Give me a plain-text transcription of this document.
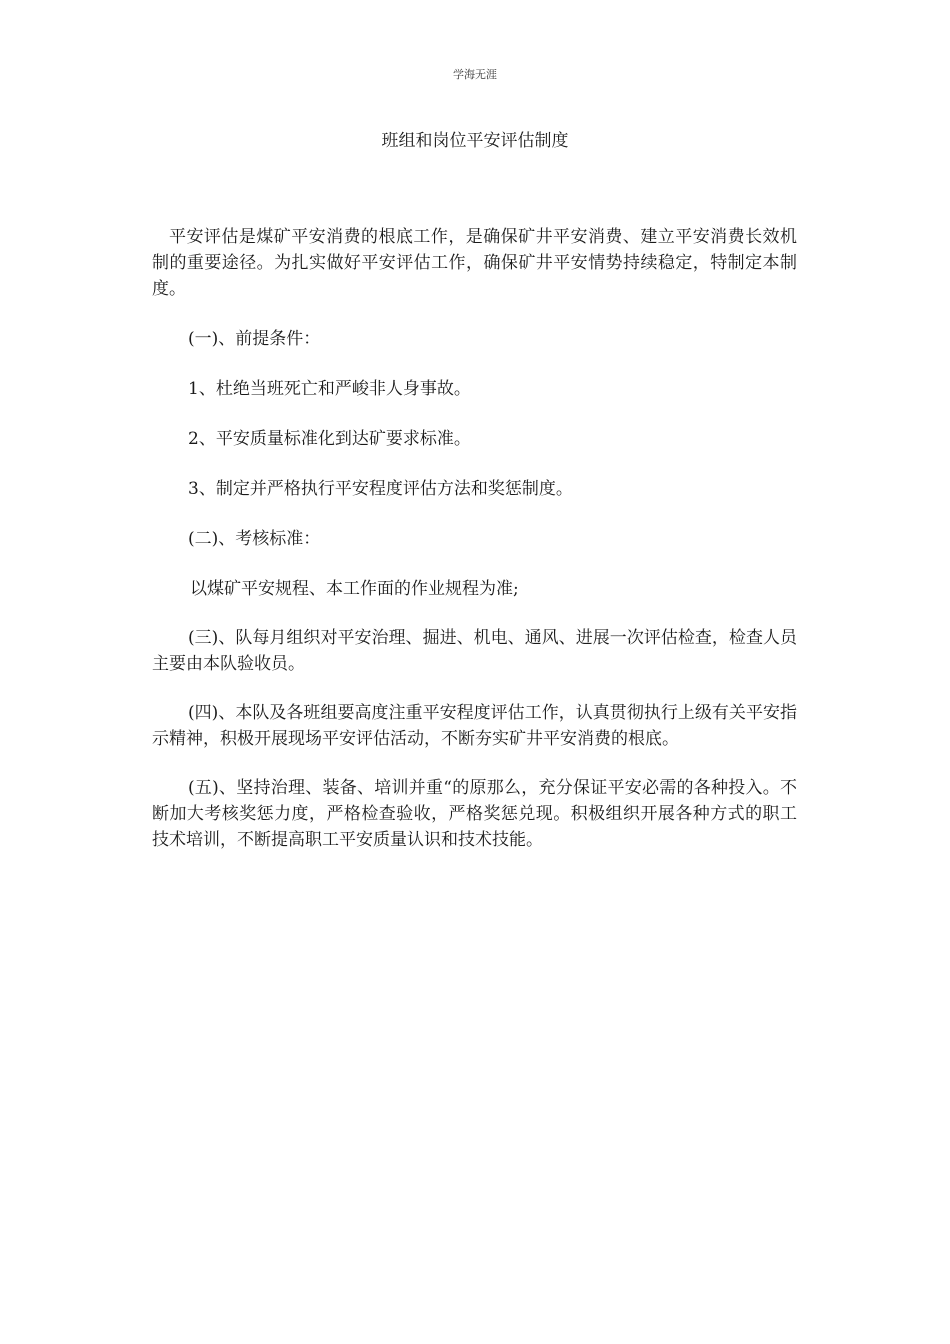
学海无涯
班组和岗位平安评估制度

平安评估是煤矿平安消费的根底工作，是确保矿井平安消费、建立平安消费长效机制的重要途径。为扎实做好平安评估工作，确保矿井平安情势持续稳定，特制定本制度。

(一)、前提条件：

1、杜绝当班死亡和严峻非人身事故。

2、平安质量标准化到达矿要求标准。

3、制定并严格执行平安程度评估方法和奖惩制度。

(二)、考核标准：

以煤矿平安规程、本工作面的作业规程为准;

(三)、队每月组织对平安治理、掘进、机电、通风、进展一次评估检查，检查人员主要由本队验收员。

(四)、本队及各班组要高度注重平安程度评估工作，认真贯彻执行上级有关平安指示精神，积极开展现场平安评估活动，不断夯实矿井平安消费的根底。

(五)、坚持治理、装备、培训并重“的原那么，充分保证平安必需的各种投入。不断加大考核奖惩力度，严格检查验收，严格奖惩兑现。积极组织开展各种方式的职工技术培训，不断提高职工平安质量认识和技术技能。
